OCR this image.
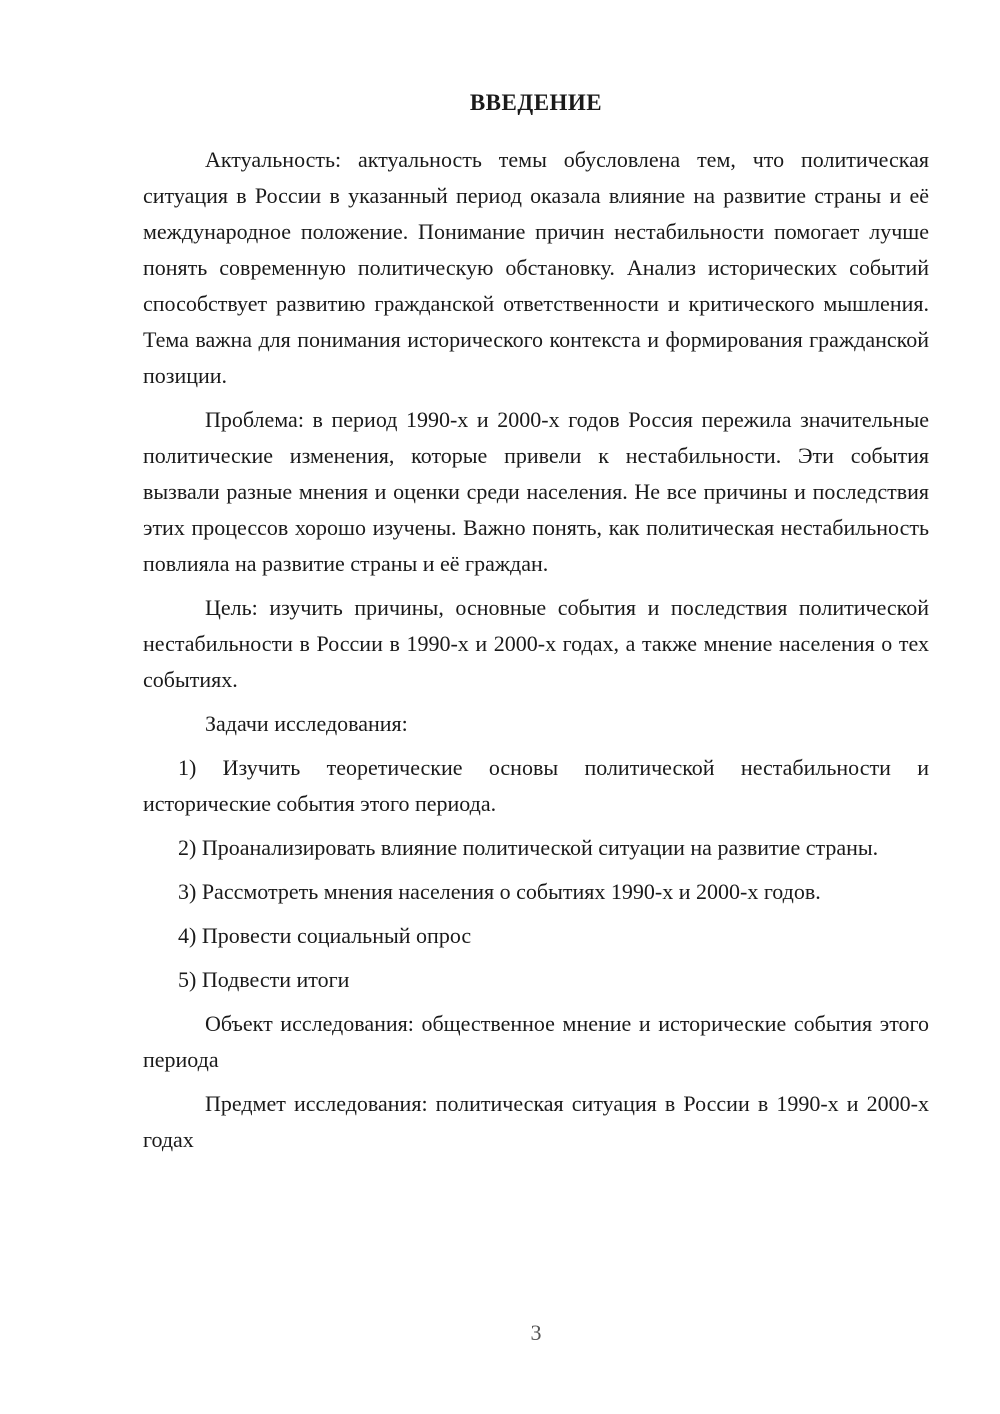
ВВЕДЕНИЕ

Актуальность: актуальность темы обусловлена тем, что политическая ситуация в России в указанный период оказала влияние на развитие страны и её международное положение. Понимание причин нестабильности помогает лучше понять современную политическую обстановку. Анализ исторических событий способствует развитию гражданской ответственности и критического мышления. Тема важна для понимания исторического контекста и формирования гражданской позиции.

Проблема: в период 1990-х и 2000-х годов Россия пережила значительные политические изменения, которые привели к нестабильности. Эти события вызвали разные мнения и оценки среди населения. Не все причины и последствия этих процессов хорошо изучены. Важно понять, как политическая нестабильность повлияла на развитие страны и её граждан.

Цель: изучить причины, основные события и последствия политической нестабильности в России в 1990-х и 2000-х годах, а также мнение населения о тех событиях.

Задачи исследования:

1) Изучить теоретические основы политической нестабильности и исторические события этого периода.

2) Проанализировать влияние политической ситуации на развитие страны.

3) Рассмотреть мнения населения о событиях 1990-х и 2000-х годов.

4) Провести социальный опрос

5) Подвести итоги

Объект исследования: общественное мнение и исторические события этого периода

Предмет исследования: политическая ситуация в России в 1990-х и 2000-х годах

3
